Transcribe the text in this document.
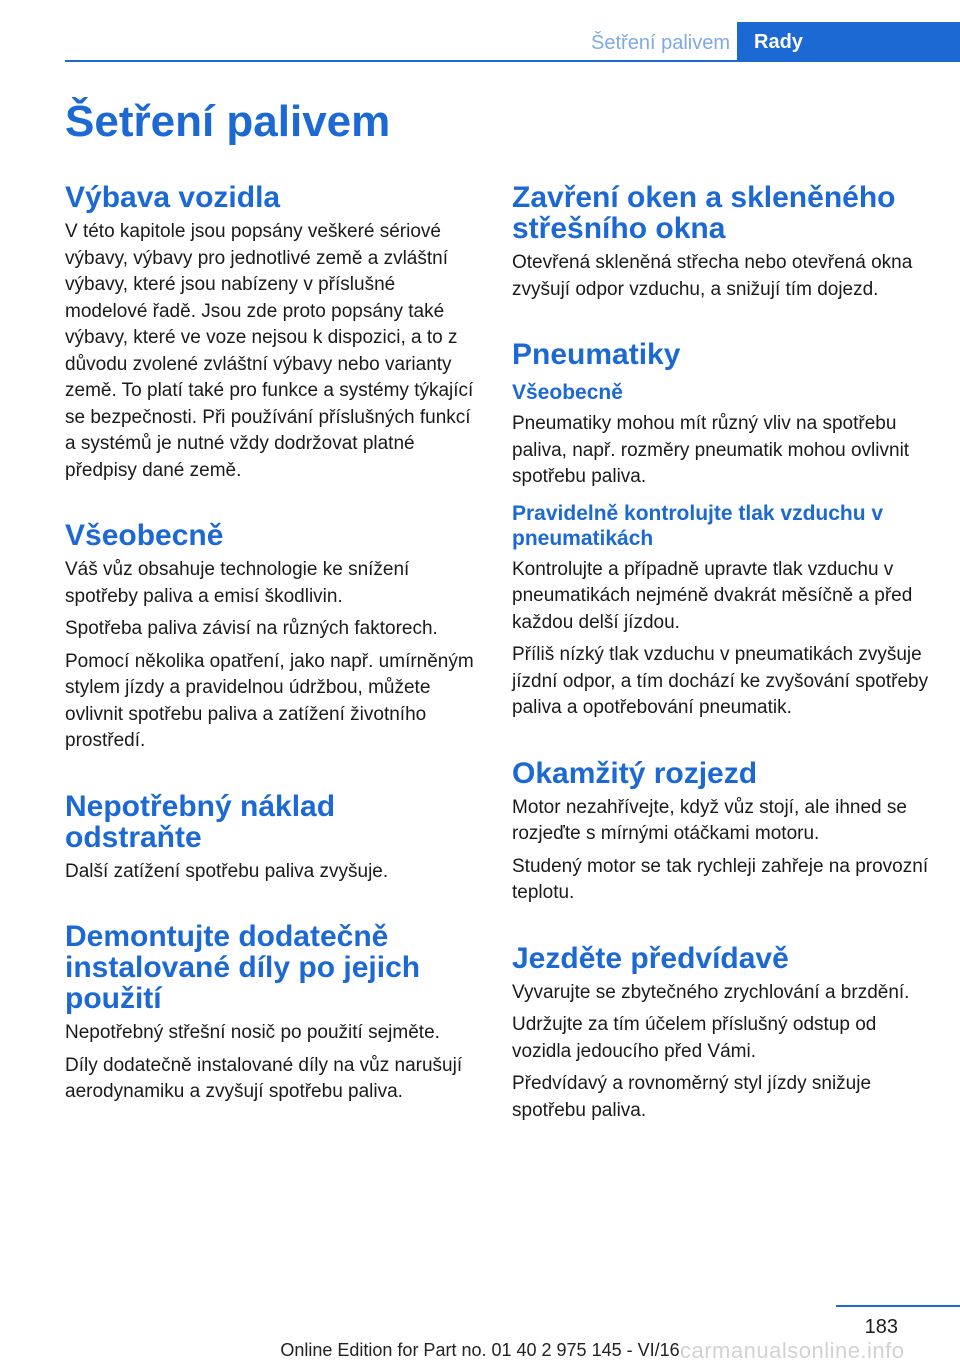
Šetření palivem	Rady
Šetření palivem
Výbava vozidla

V této kapitole jsou popsány veškeré sériové výbavy, výbavy pro jednotlivé země a zvláštní výbavy, které jsou nabízeny v příslušné modelové řadě. Jsou zde proto popsány také výbavy, které ve voze nejsou k dispozici, a to z důvodu zvolené zvláštní výbavy nebo varianty země. To platí také pro funkce a systémy týkající se bezpečnosti. Při používání příslušných funkcí a systémů je nutné vždy dodržovat platné předpisy dané země.

Všeobecně

Váš vůz obsahuje technologie ke snížení spotřeby paliva a emisí škodlivin.

Spotřeba paliva závisí na různých faktorech.

Pomocí několika opatření, jako např. umírněným stylem jízdy a pravidelnou údržbou, můžete ovlivnit spotřebu paliva a zatížení životního prostředí.

Nepotřebný náklad odstraňte

Další zatížení spotřebu paliva zvyšuje.

Demontujte dodatečně instalované díly po jejich použití

Nepotřebný střešní nosič po použití sejměte.

Díly dodatečně instalované díly na vůz narušují aerodynamiku a zvyšují spotřebu paliva.

Zavření oken a skleněného střešního okna

Otevřená skleněná střecha nebo otevřená okna zvyšují odpor vzduchu, a snižují tím dojezd.

Pneumatiky
Všeobecně

Pneumatiky mohou mít různý vliv na spotřebu paliva, např. rozměry pneumatik mohou ovlivnit spotřebu paliva.

Pravidelně kontrolujte tlak vzduchu v pneumatikách

Kontrolujte a případně upravte tlak vzduchu v pneumatikách nejméně dvakrát měsíčně a před každou delší jízdou.

Příliš nízký tlak vzduchu v pneumatikách zvyšuje jízdní odpor, a tím dochází ke zvyšování spotřeby paliva a opotřebování pneumatik.

Okamžitý rozjezd

Motor nezahřívejte, když vůz stojí, ale ihned se rozjeďte s mírnými otáčkami motoru.

Studený motor se tak rychleji zahřeje na provozní teplotu.

Jezděte předvídavě

Vyvarujte se zbytečného zrychlování a brzdění.

Udržujte za tím účelem příslušný odstup od vozidla jedoucího před Vámi.

Předvídavý a rovnoměrný styl jízdy snižuje spotřebu paliva.

183
Online Edition for Part no. 01 40 2 975 145 - VI/16 carmanualsonline.info
